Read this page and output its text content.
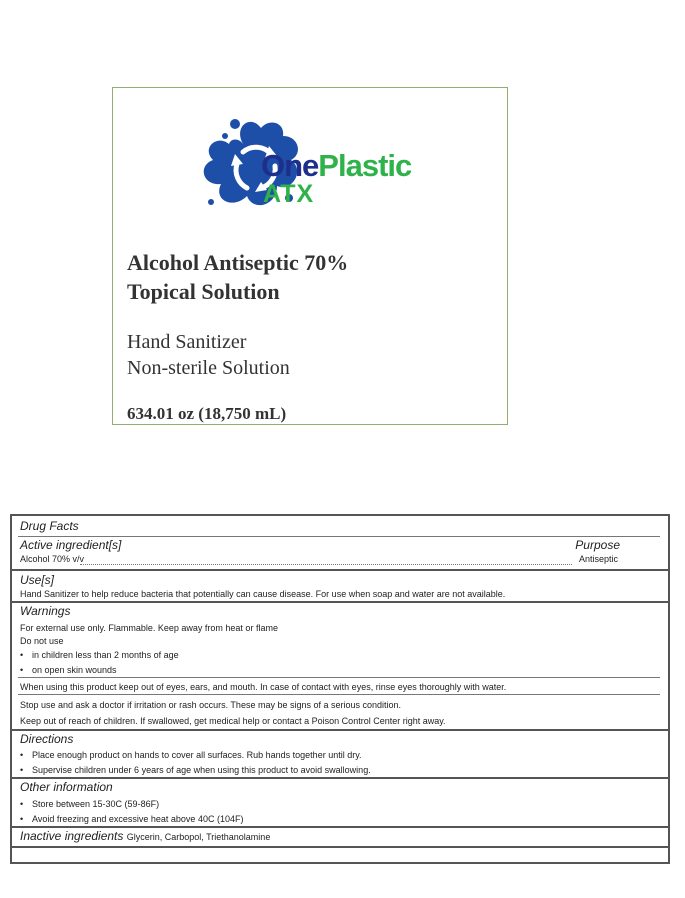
OnePlastic
ATX
Alcohol Antiseptic 70%
Topical Solution
Hand Sanitizer
Non-sterile Solution
634.01 oz (18,750 mL)
Drug Facts
Active ingredient[s]	Purpose
Alcohol 70% v/v	Antiseptic
Use[s]
Hand Sanitizer to help reduce bacteria that potentially can cause disease. For use when soap and water are not available.
Warnings
For external use only. Flammable. Keep away from heat or flame
Do not use
• in children less than 2 months of age
• on open skin wounds
When using this product keep out of eyes, ears, and mouth. In case of contact with eyes, rinse eyes thoroughly with water.
Stop use and ask a doctor if irritation or rash occurs. These may be signs of a serious condition.
Keep out of reach of children. If swallowed, get medical help or contact a Poison Control Center right away.
Directions
• Place enough product on hands to cover all surfaces. Rub hands together until dry.
• Supervise children under 6 years of age when using this product to avoid swallowing.
Other information
• Store between 15-30C (59-86F)
• Avoid freezing and excessive heat above 40C (104F)
Inactive ingredients Glycerin, Carbopol, Triethanolamine
